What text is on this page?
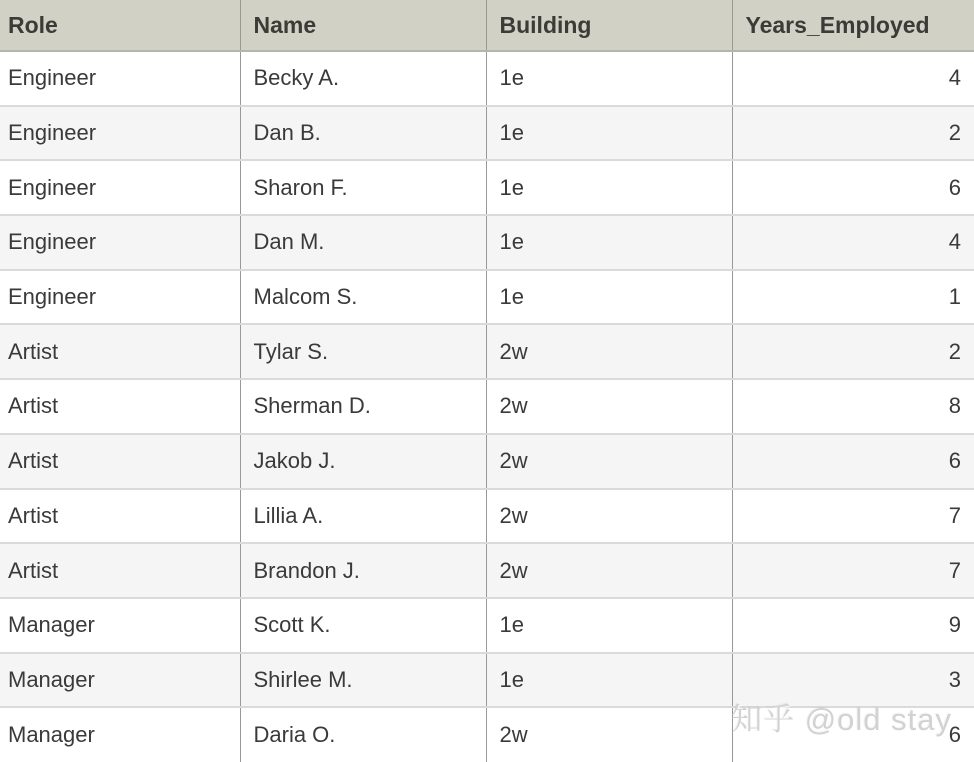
Role	Name	Building	Years_Employed
Engineer	Becky A.	1e	4
Engineer	Dan B.	1e	2
Engineer	Sharon F.	1e	6
Engineer	Dan M.	1e	4
Engineer	Malcom S.	1e	1
Artist	Tylar S.	2w	2
Artist	Sherman D.	2w	8
Artist	Jakob J.	2w	6
Artist	Lillia A.	2w	7
Artist	Brandon J.	2w	7
Manager	Scott K.	1e	9
Manager	Shirlee M.	1e	3
Manager	Daria O.	2w	6
知乎 @old stay
